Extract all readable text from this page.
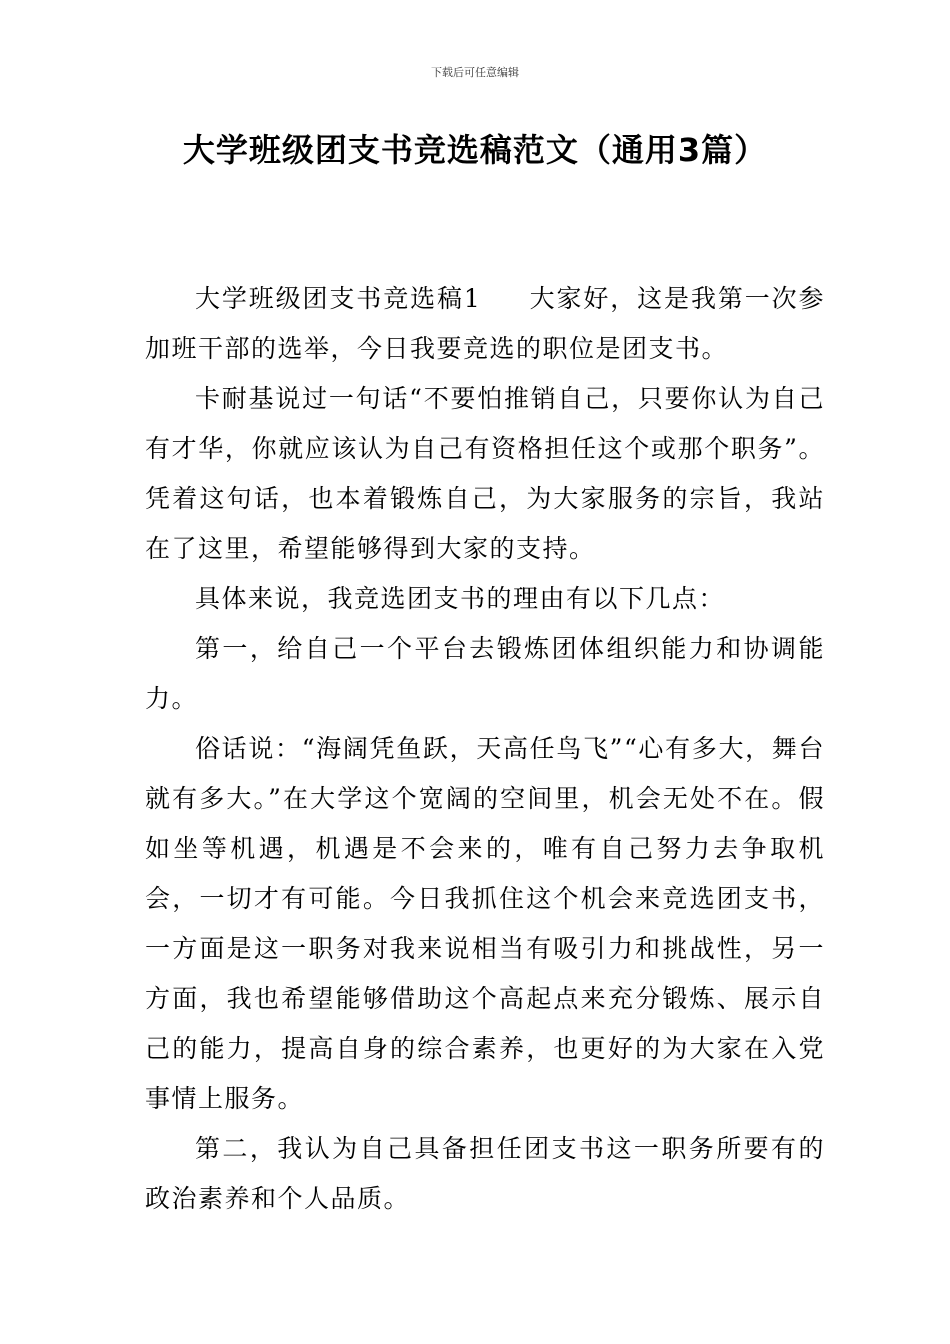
下载后可任意编辑
大学班级团支书竞选稿范文（通用3篇）

大学班级团支书竞选稿1 大家好，这是我第一次参加班干部的选举，今日我要竞选的职位是团支书。

卡耐基说过一句话“不要怕推销自己，只要你认为自己有才华，你就应该认为自己有资格担任这个或那个职务”。 凭着这句话，也本着锻炼自己，为大家服务的宗旨，我站在了这里，希望能够得到大家的支持。

具体来说，我竞选团支书的理由有以下几点：

第一，给自己一个平台去锻炼团体组织能力和协调能力。

俗话说：“海阔凭鱼跃，天高任鸟飞”“心有多大，舞台就有多大。”在大学这个宽阔的空间里，机会无处不在。假如坐等机遇，机遇是不会来的，唯有自己努力去争取机会，一切才有可能。今日我抓住这个机会来竞选团支书，一方面是这一职务对我来说相当有吸引力和挑战性，另一方面，我也希望能够借助这个高起点来充分锻炼、展示自己的能力，提高自身的综合素养，也更好的为大家在入党事情上服务。

第二，我认为自己具备担任团支书这一职务所要有的政治素养和个人品质。
